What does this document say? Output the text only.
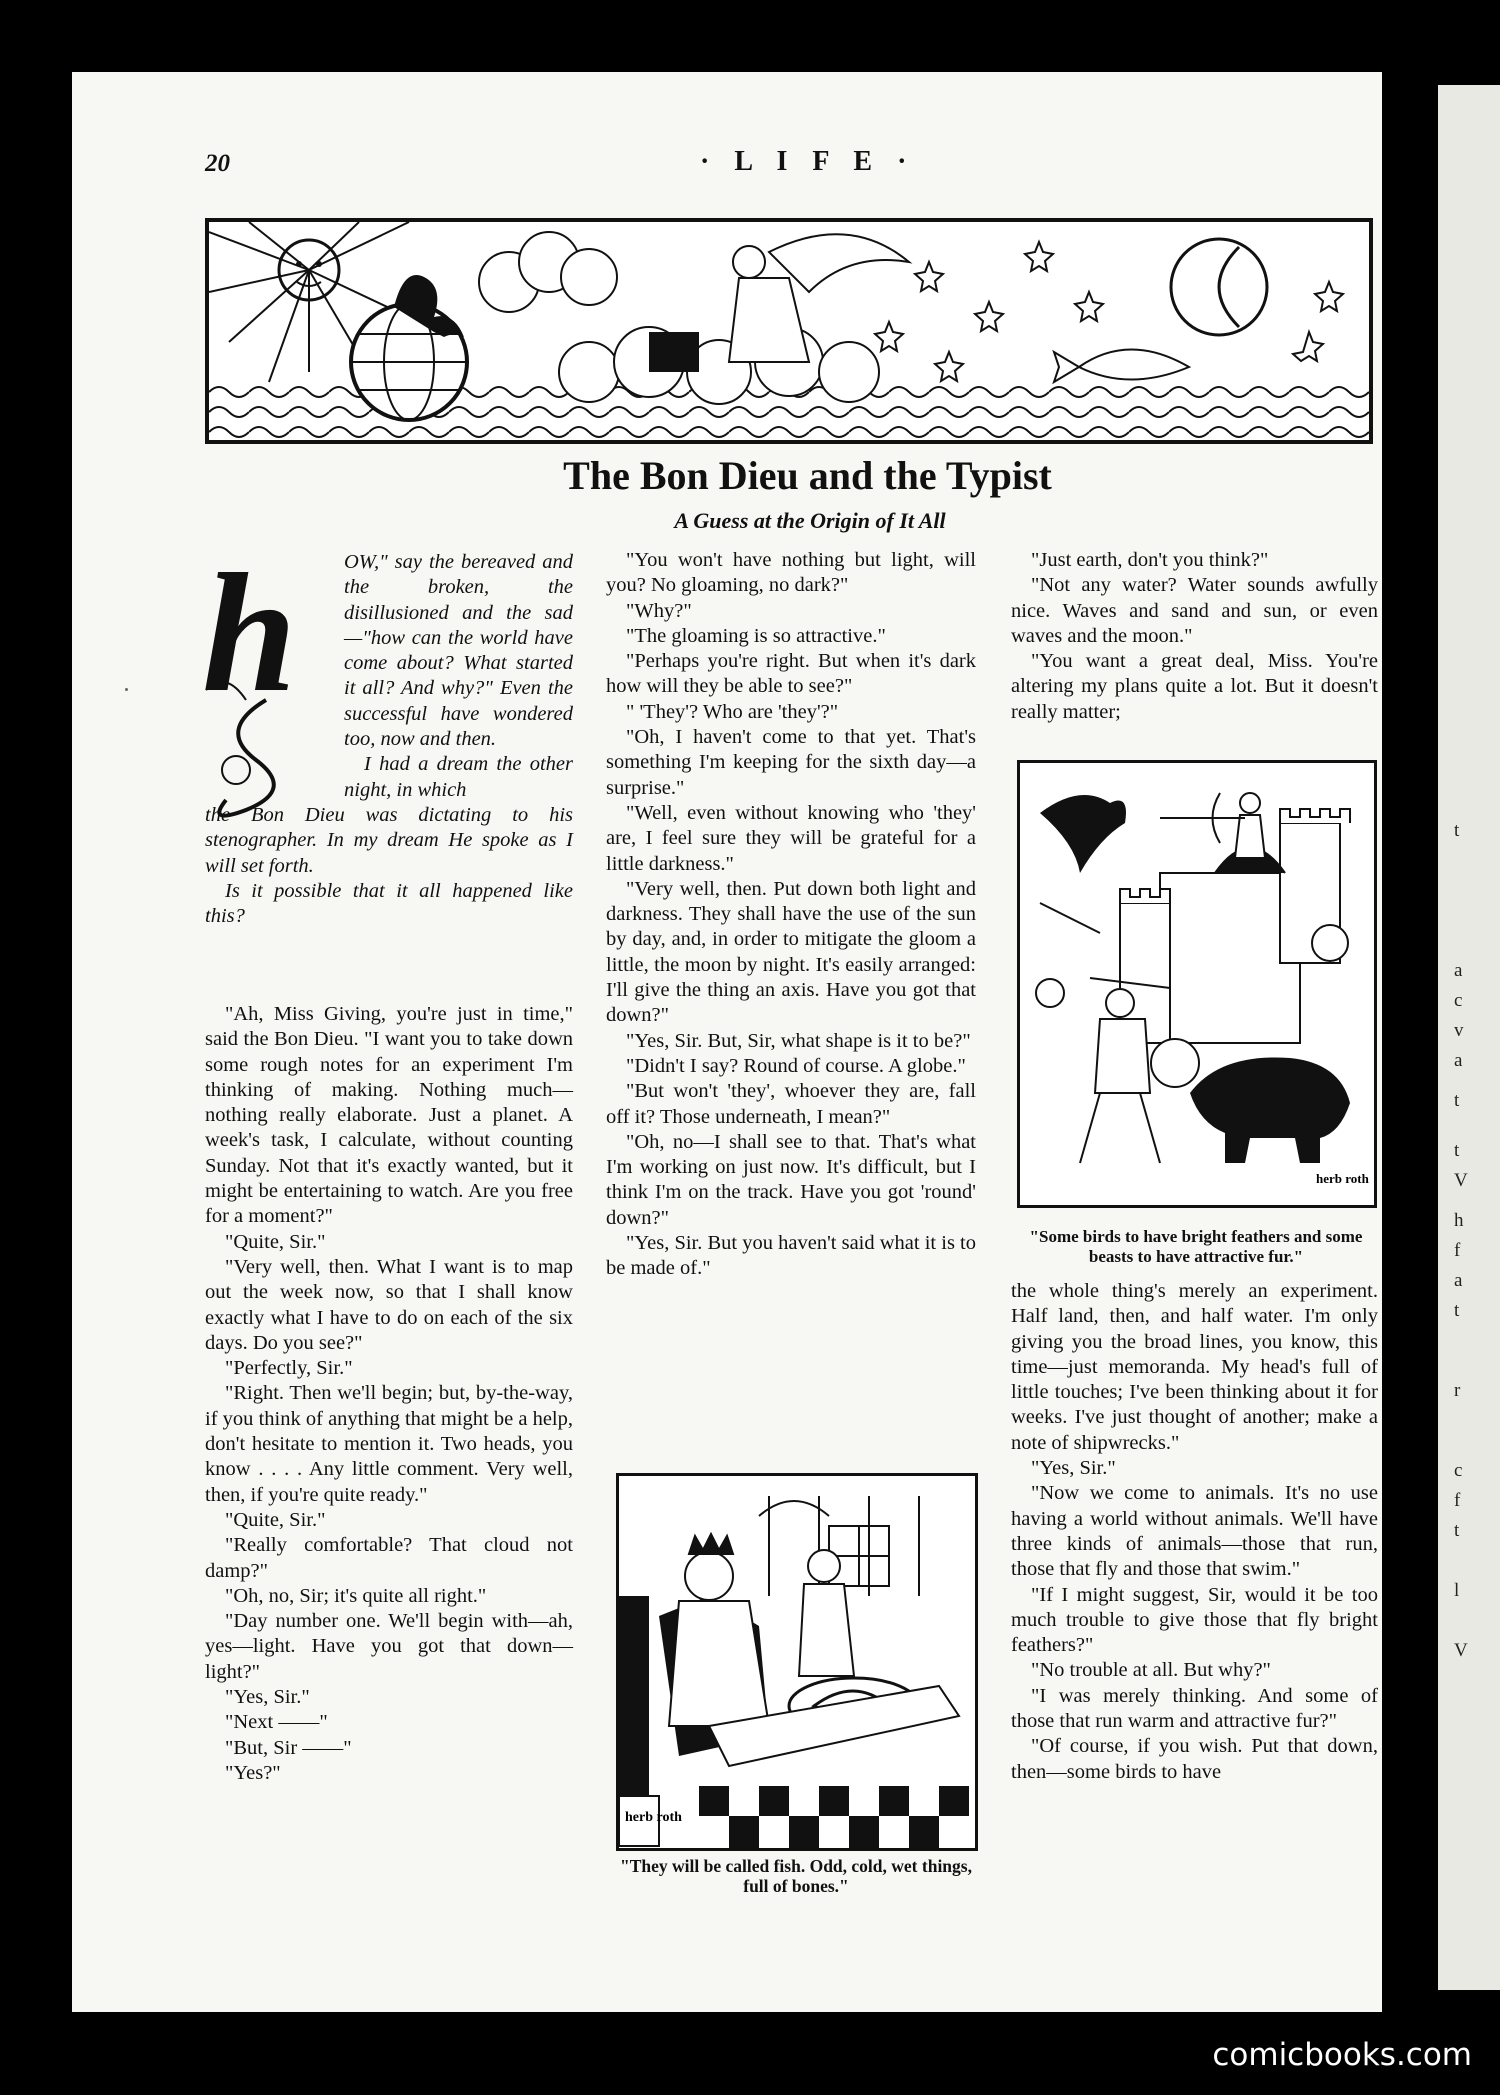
t
a
c
v
a
t
t
V
h
f
a
t
r
c
f
t
l
V
20	· L I F E ·
The Bon Dieu and the Typist
A Guess at the Origin of It All
h OW," say the bereaved and the broken, the disillusioned and the sad —"how can the world have come about? What started it all? And why?" Even the successful have wondered too, now and then.

I had a dream the other night, in which

the Bon Dieu was dictating to his stenographer. In my dream He spoke as I will set forth.

Is it possible that it all happened like this?

"Ah, Miss Giving, you're just in time," said the Bon Dieu. "I want you to take down some rough notes for an experiment I'm thinking of making. Nothing much—nothing really elaborate. Just a planet. A week's task, I calculate, without counting Sunday. Not that it's exactly wanted, but it might be entertaining to watch. Are you free for a moment?"

"Quite, Sir."

"Very well, then. What I want is to map out the week now, so that I shall know exactly what I have to do on each of the six days. Do you see?"

"Perfectly, Sir."

"Right. Then we'll begin; but, by-the-way, if you think of anything that might be a help, don't hesitate to mention it. Two heads, you know . . . . Any little comment. Very well, then, if you're quite ready."

"Quite, Sir."

"Really comfortable? That cloud not damp?"

"Oh, no, Sir; it's quite all right."

"Day number one. We'll begin with—ah, yes—light. Have you got that down—light?"

"Yes, Sir."

"Next ——"

"But, Sir ——"

"Yes?"

"You won't have nothing but light, will you? No gloaming, no dark?"

"Why?"

"The gloaming is so attractive."

"Perhaps you're right. But when it's dark how will they be able to see?"

" 'They'? Who are 'they'?"

"Oh, I haven't come to that yet. That's something I'm keeping for the sixth day—a surprise."

"Well, even without knowing who 'they' are, I feel sure they will be grateful for a little darkness."

"Very well, then. Put down both light and darkness. They shall have the use of the sun by day, and, in order to mitigate the gloom a little, the moon by night. It's easily arranged: I'll give the thing an axis. Have you got that down?"

"Yes, Sir. But, Sir, what shape is it to be?"

"Didn't I say? Round of course. A globe."

"But won't 'they', whoever they are, fall off it? Those underneath, I mean?"

"Oh, no—I shall see to that. That's what I'm working on just now. It's difficult, but I think I'm on the track. Have you got 'round' down?"

"Yes, Sir. But you haven't said what it is to be made of."

herb roth
"They will be called fish. Odd, cold, wet things, full of bones."

"Just earth, don't you think?"

"Not any water? Water sounds awfully nice. Waves and sand and sun, or even waves and the moon."

"You want a great deal, Miss. You're altering my plans quite a lot. But it doesn't really matter;

herb roth
"Some birds to have bright feathers and some beasts to have attractive fur."

the whole thing's merely an experiment. Half land, then, and half water. I'm only giving you the broad lines, you know, this time—just memoranda. My head's full of little touches; I've been thinking about it for weeks. I've just thought of another; make a note of shipwrecks."

"Yes, Sir."

"Now we come to animals. It's no use having a world without animals. We'll have three kinds of animals—those that run, those that fly and those that swim."

"If I might suggest, Sir, would it be too much trouble to give those that fly bright feathers?"

"No trouble at all. But why?"

"I was merely thinking. And some of those that run warm and attractive fur?"

"Of course, if you wish. Put that down, then—some birds to have

comicbooks.com
